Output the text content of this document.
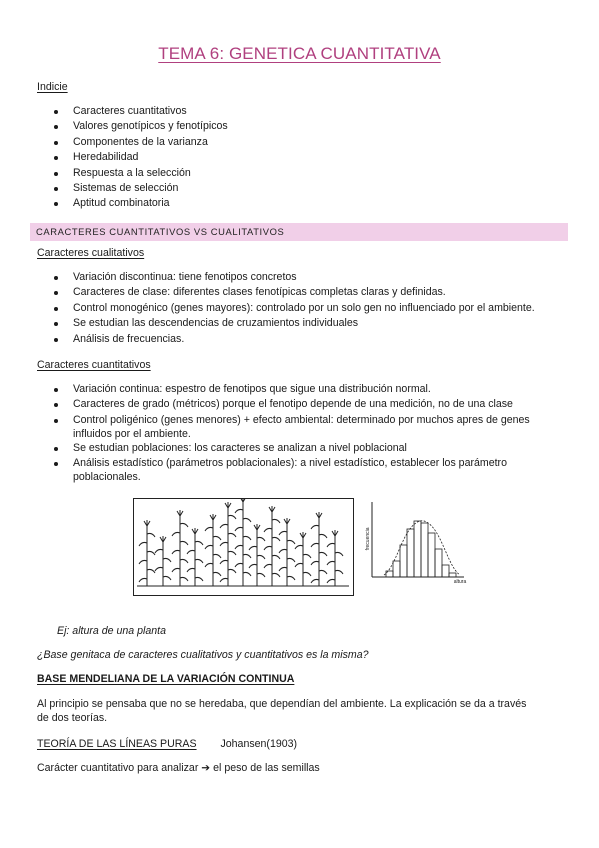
TEMA 6: GENETICA CUANTITATIVA
Indicie
Caracteres cuantitativos
Valores genotípicos y fenotípicos
Componentes de la varianza
Heredabilidad
Respuesta a la selección
Sistemas de selección
Aptitud combinatoria
CARACTERES CUANTITATIVOS VS CUALITATIVOS
Caracteres cualitativos
Variación discontinua: tiene fenotipos concretos
Caracteres de clase: diferentes clases fenotípicas completas claras y definidas.
Control monogénico (genes mayores): controlado por un solo gen no influenciado por el ambiente.
Se estudian las descendencias de cruzamientos individuales
Análisis de frecuencias.
Caracteres cuantitativos
Variación continua: espestro de fenotipos que sigue una distribución normal.
Caracteres de grado (métricos) porque el fenotipo depende de una medición, no de una clase
Control poligénico (genes menores) + efecto ambiental: determinado por muchos apres de genes influidos por el ambiente.
Se estudian poblaciones: los caracteres se analizan a nivel poblacional
Análisis estadístico (parámetros poblacionales): a nivel estadístico, establecer los parámetro poblacionales.
frecuencia
altura
Ej: altura de una planta
¿Base genitaca de caracteres cualitativos y cuantitativos es la misma?
BASE MENDELIANA DE LA VARIACIÓN CONTINUA
Al principio se pensaba que no se heredaba, que dependían del ambiente. La explicación se da a través
de dos teorías.
TEORÍA DE LAS LÍNEAS PURAS Johansen(1903)
Carácter cuantitativo para analizar ➔ el peso de las semillas
